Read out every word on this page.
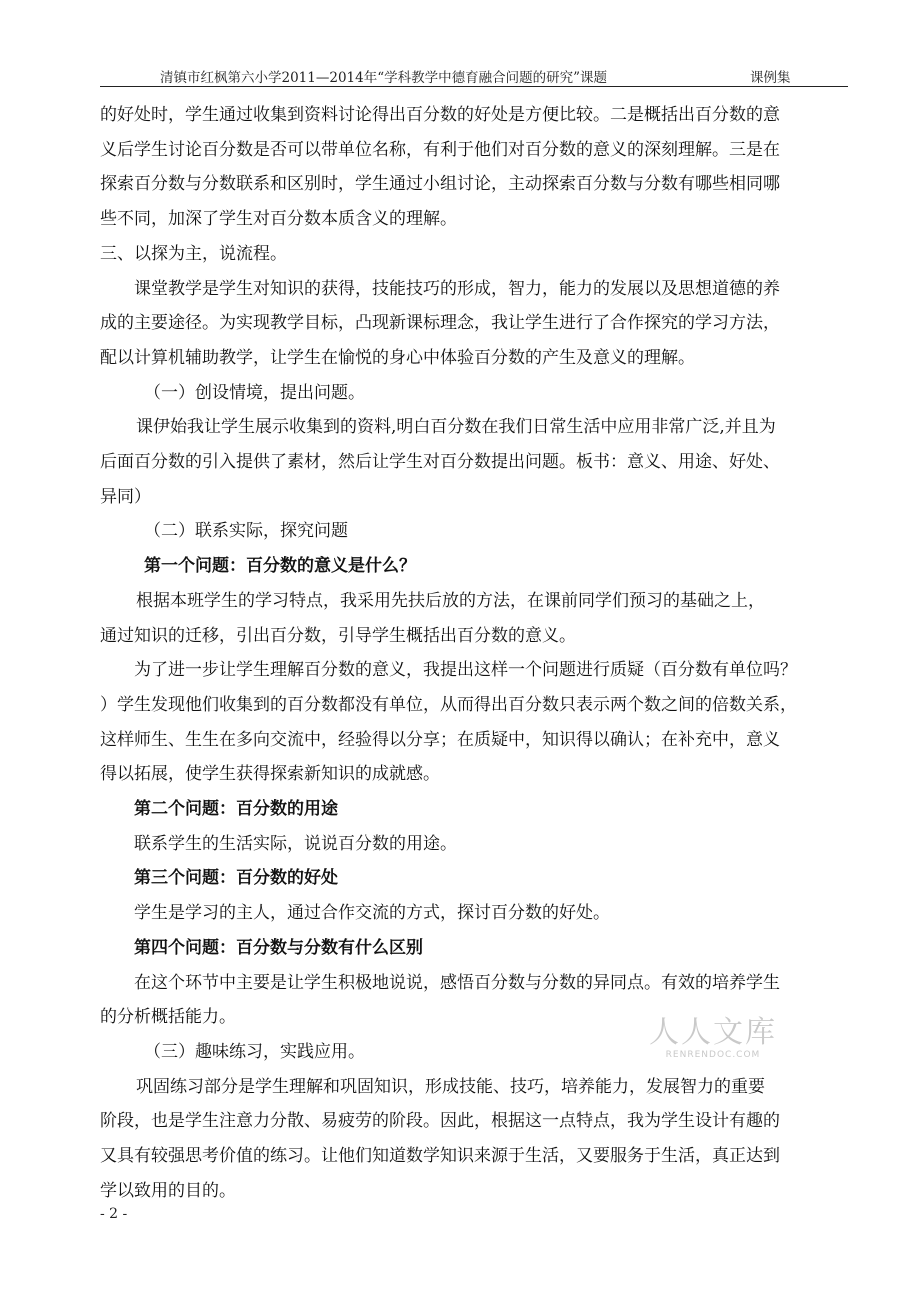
清镇市红枫第六小学2011—2014年“学科教学中德育融合问题的研究”课题	课例集

的好处时，学生通过收集到资料讨论得出百分数的好处是方便比较。二是概括出百分数的意
义后学生讨论百分数是否可以带单位名称，有利于他们对百分数的意义的深刻理解。三是在
探索百分数与分数联系和区别时，学生通过小组讨论，主动探索百分数与分数有哪些相同哪
些不同，加深了学生对百分数本质含义的理解。

三、以探为主，说流程。

课堂教学是学生对知识的获得，技能技巧的形成，智力，能力的发展以及思想道德的养
成的主要途径。为实现教学目标，凸现新课标理念，我让学生进行了合作探究的学习方法，
配以计算机辅助教学，让学生在愉悦的身心中体验百分数的产生及意义的理解。

（一）创设情境，提出问题。

课伊始我让学生展示收集到的资料,明白百分数在我们日常生活中应用非常广泛,并且为
后面百分数的引入提供了素材，然后让学生对百分数提出问题。板书：意义、用途、好处、
异同）

（二）联系实际，探究问题

第一个问题：百分数的意义是什么？

根据本班学生的学习特点，我采用先扶后放的方法，在课前同学们预习的基础之上，
通过知识的迁移，引出百分数，引导学生概括出百分数的意义。

为了进一步让学生理解百分数的意义，我提出这样一个问题进行质疑（百分数有单位吗？
）学生发现他们收集到的百分数都没有单位，从而得出百分数只表示两个数之间的倍数关系，
这样师生、生生在多向交流中，经验得以分享；在质疑中，知识得以确认；在补充中，意义
得以拓展，使学生获得探索新知识的成就感。

第二个问题：百分数的用途

联系学生的生活实际，说说百分数的用途。

第三个问题：百分数的好处

学生是学习的主人，通过合作交流的方式，探讨百分数的好处。

第四个问题：百分数与分数有什么区别

在这个环节中主要是让学生积极地说说，感悟百分数与分数的异同点。有效的培养学生
的分析概括能力。

（三）趣味练习，实践应用。

巩固练习部分是学生理解和巩固知识，形成技能、技巧，培养能力，发展智力的重要
阶段，也是学生注意力分散、易疲劳的阶段。因此，根据这一点特点，我为学生设计有趣的
又具有较强思考价值的练习。让他们知道数学知识来源于生活，又要服务于生活，真正达到
学以致用的目的。

人人文库
RENRENDOC.COM
- 2 -
